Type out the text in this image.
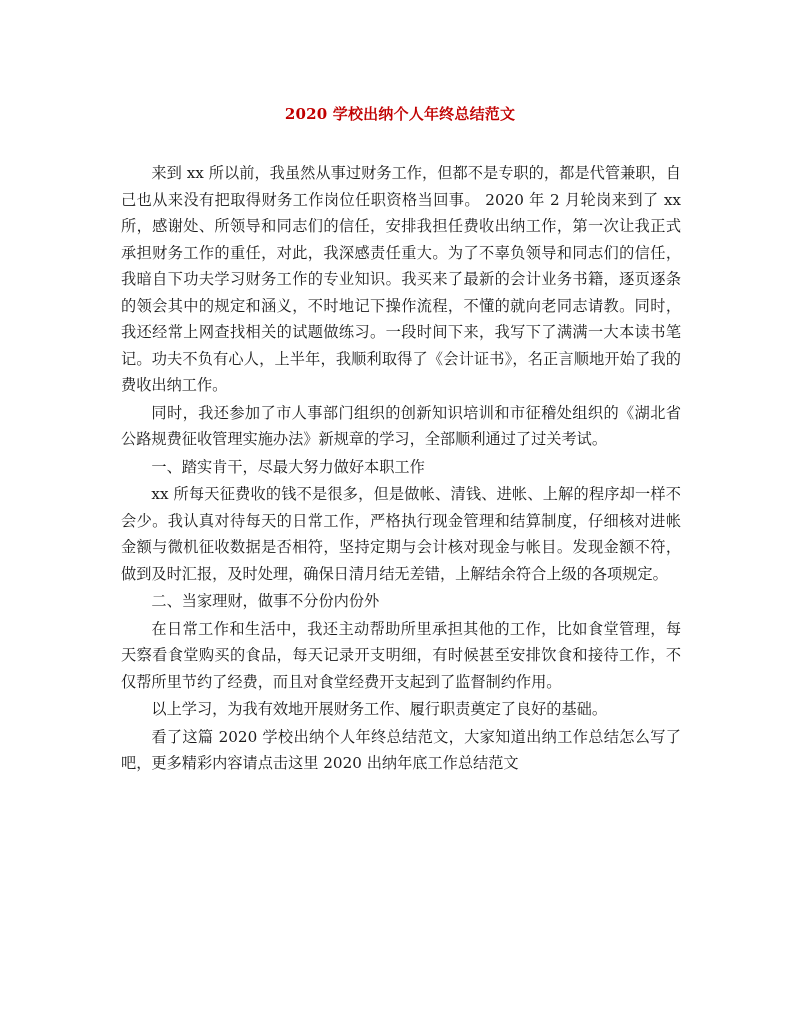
2020 学校出纳个人年终总结范文

来到 xx 所以前，我虽然从事过财务工作，但都不是专职的，都是代管兼职，自己也从来没有把取得财务工作岗位任职资格当回事。 2020 年 2 月轮岗来到了 xx 所，感谢处、所领导和同志们的信任，安排我担任费收出纳工作，第一次让我正式承担财务工作的重任，对此，我深感责任重大。为了不辜负领导和同志们的信任，我暗自下功夫学习财务工作的专业知识。我买来了最新的会计业务书籍，逐页逐条的领会其中的规定和涵义，不时地记下操作流程，不懂的就向老同志请教。同时，我还经常上网查找相关的试题做练习。一段时间下来，我写下了满满一大本读书笔记。功夫不负有心人，上半年，我顺利取得了《会计证书》，名正言顺地开始了我的费收出纳工作。

同时，我还参加了市人事部门组织的创新知识培训和市征稽处组织的《湖北省公路规费征收管理实施办法》新规章的学习，全部顺利通过了过关考试。

一、踏实肯干，尽最大努力做好本职工作

xx 所每天征费收的钱不是很多，但是做帐、清钱、进帐、上解的程序却一样不会少。我认真对待每天的日常工作，严格执行现金管理和结算制度，仔细核对进帐金额与微机征收数据是否相符，坚持定期与会计核对现金与帐目。发现金额不符，做到及时汇报，及时处理，确保日清月结无差错，上解结余符合上级的各项规定。

二、当家理财，做事不分份内份外

在日常工作和生活中，我还主动帮助所里承担其他的工作，比如食堂管理，每天察看食堂购买的食品，每天记录开支明细，有时候甚至安排饮食和接待工作，不仅帮所里节约了经费，而且对食堂经费开支起到了监督制约作用。

以上学习，为我有效地开展财务工作、履行职责奠定了良好的基础。

看了这篇 2020 学校出纳个人年终总结范文，大家知道出纳工作总结怎么写了吧，更多精彩内容请点击这里 2020 出纳年底工作总结范文
